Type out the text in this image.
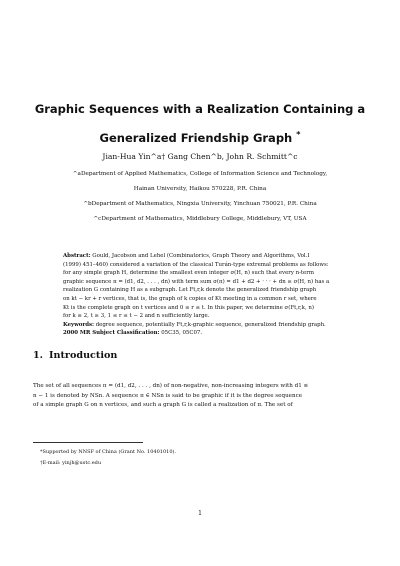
Graphic Sequences with a Realization Containing a
Generalized Friendship Graph *
Jian-Hua Yin^a† Gang Chen^b, John R. Schmitt^c
^aDepartment of Applied Mathematics, College of Information Science and Technology,
Hainan University, Haikou 570228, P.R. China
^bDepartment of Mathematics, Ningxia University, Yinchuan 750021, P.R. China
^cDepartment of Mathematics, Middlebury College, Middlebury, VT, USA
Abstract: Gould, Jacobson and Lehel (Combinatorics, Graph Theory and Algorithms, Vol.I
(1999) 451–460) considered a variation of the classical Turán-type extremal problems as follows:
for any simple graph H, determine the smallest even integer σ(H, n) such that every n-term
graphic sequence π = (d1, d2, . . . , dn) with term sum σ(π) = d1 + d2 + · · · + dn ≥ σ(H, n) has a
realization G containing H as a subgraph. Let Ft,r,k denote the generalized friendship graph
on kt − kr + r vertices, that is, the graph of k copies of Kt meeting in a common r set, where
Kt is the complete graph on t vertices and 0 ≤ r ≤ t. In this paper, we determine σ(Ft,r,k, n)
for k ≥ 2, t ≥ 3, 1 ≤ r ≤ t − 2 and n sufficiently large.
Keywords: degree sequence, potentially Ft,r,k-graphic sequence, generalized friendship graph.
2000 MR Subject Classification: 05C35, 05C07.
1. Introduction
The set of all sequences π = (d1, d2, . . . , dn) of non-negative, non-increasing integers with d1 ≤
n − 1 is denoted by NSn. A sequence π ∈ NSn is said to be graphic if it is the degree sequence
of a simple graph G on n vertices, and such a graph G is called a realization of π. The set of
*Supported by NNSF of China (Grant No. 10401010).
†E-mail: yinjh@ustc.edu
1
